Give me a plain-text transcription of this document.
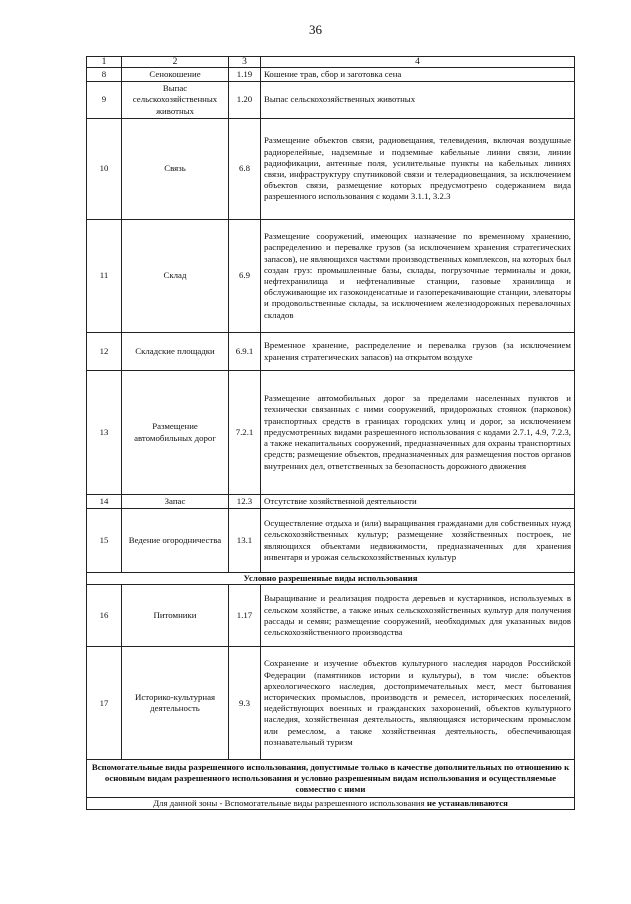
36
1	2	3	4
8	Сенокошение	1.19	Кошение трав, сбор и заготовка сена
9	Выпас сельскохозяйственных животных	1.20	Выпас сельскохозяйственных животных
10	Связь	6.8	Размещение объектов связи, радиовещания, телевидения, включая воздушные радиорелейные, надземные и подземные кабельные линии связи, линии радиофикации, антенные поля, усилительные пункты на кабельных линиях связи, инфраструктуру спутниковой связи и телерадиовещания, за исключением объектов связи, размещение которых предусмотрено содержанием вида разрешенного использования с кодами 3.1.1, 3.2.3
11	Склад	6.9	Размещение сооружений, имеющих назначение по временному хранению, распределению и перевалке грузов (за исключением хранения стратегических запасов), не являющихся частями производственных комплексов, на которых был создан груз: промышленные базы, склады, погрузочные терминалы и доки, нефтехранилища и нефтеналивные станции, газовые хранилища и обслуживающие их газоконденсатные и газоперекачивающие станции, элеваторы и продовольственные склады, за исключением железнодорожных перевалочных складов
12	Складские площадки	6.9.1	Временное хранение, распределение и перевалка грузов (за исключением хранения стратегических запасов) на открытом воздухе
13	Размещение автомобильных дорог	7.2.1	Размещение автомобильных дорог за пределами населенных пунктов и технически связанных с ними сооружений, придорожных стоянок (парковок) транспортных средств в границах городских улиц и дорог, за исключением предусмотренных видами разрешенного использования с кодами 2.7.1, 4.9, 7.2.3, а также некапитальных сооружений, предназначенных для охраны транспортных средств; размещение объектов, предназначенных для размещения постов органов внутренних дел, ответственных за безопасность дорожного движения
14	Запас	12.3	Отсутствие хозяйственной деятельности
15	Ведение огородничества	13.1	Осуществление отдыха и (или) выращивания гражданами для собственных нужд сельскохозяйственных культур; размещение хозяйственных построек, не являющихся объектами недвижимости, предназначенных для хранения инвентаря и урожая сельскохозяйственных культур
Условно разрешенные виды использования			
16	Питомники	1.17	Выращивание и реализация подроста деревьев и кустарников, используемых в сельском хозяйстве, а также иных сельскохозяйственных культур для получения рассады и семян; размещение сооружений, необходимых для указанных видов сельскохозяйственного производства
17	Историко-культурная деятельность	9.3	Сохранение и изучение объектов культурного наследия народов Российской Федерации (памятников истории и культуры), в том числе: объектов археологического наследия, достопримечательных мест, мест бытования исторических промыслов, производств и ремесел, исторических поселений, недействующих военных и гражданских захоронений, объектов культурного наследия, хозяйственная деятельность, являющаяся историческим промыслом или ремеслом, а также хозяйственная деятельность, обеспечивающая познавательный туризм
Вспомогательные виды разрешенного использования, допустимые только в качестве дополнительных по отношению к основным видам разрешенного использования и условно разрешенным видам использования и осуществляемые совместно с ними			
Для данной зоны - Вспомогательные виды разрешенного использования не устанавливаются			
